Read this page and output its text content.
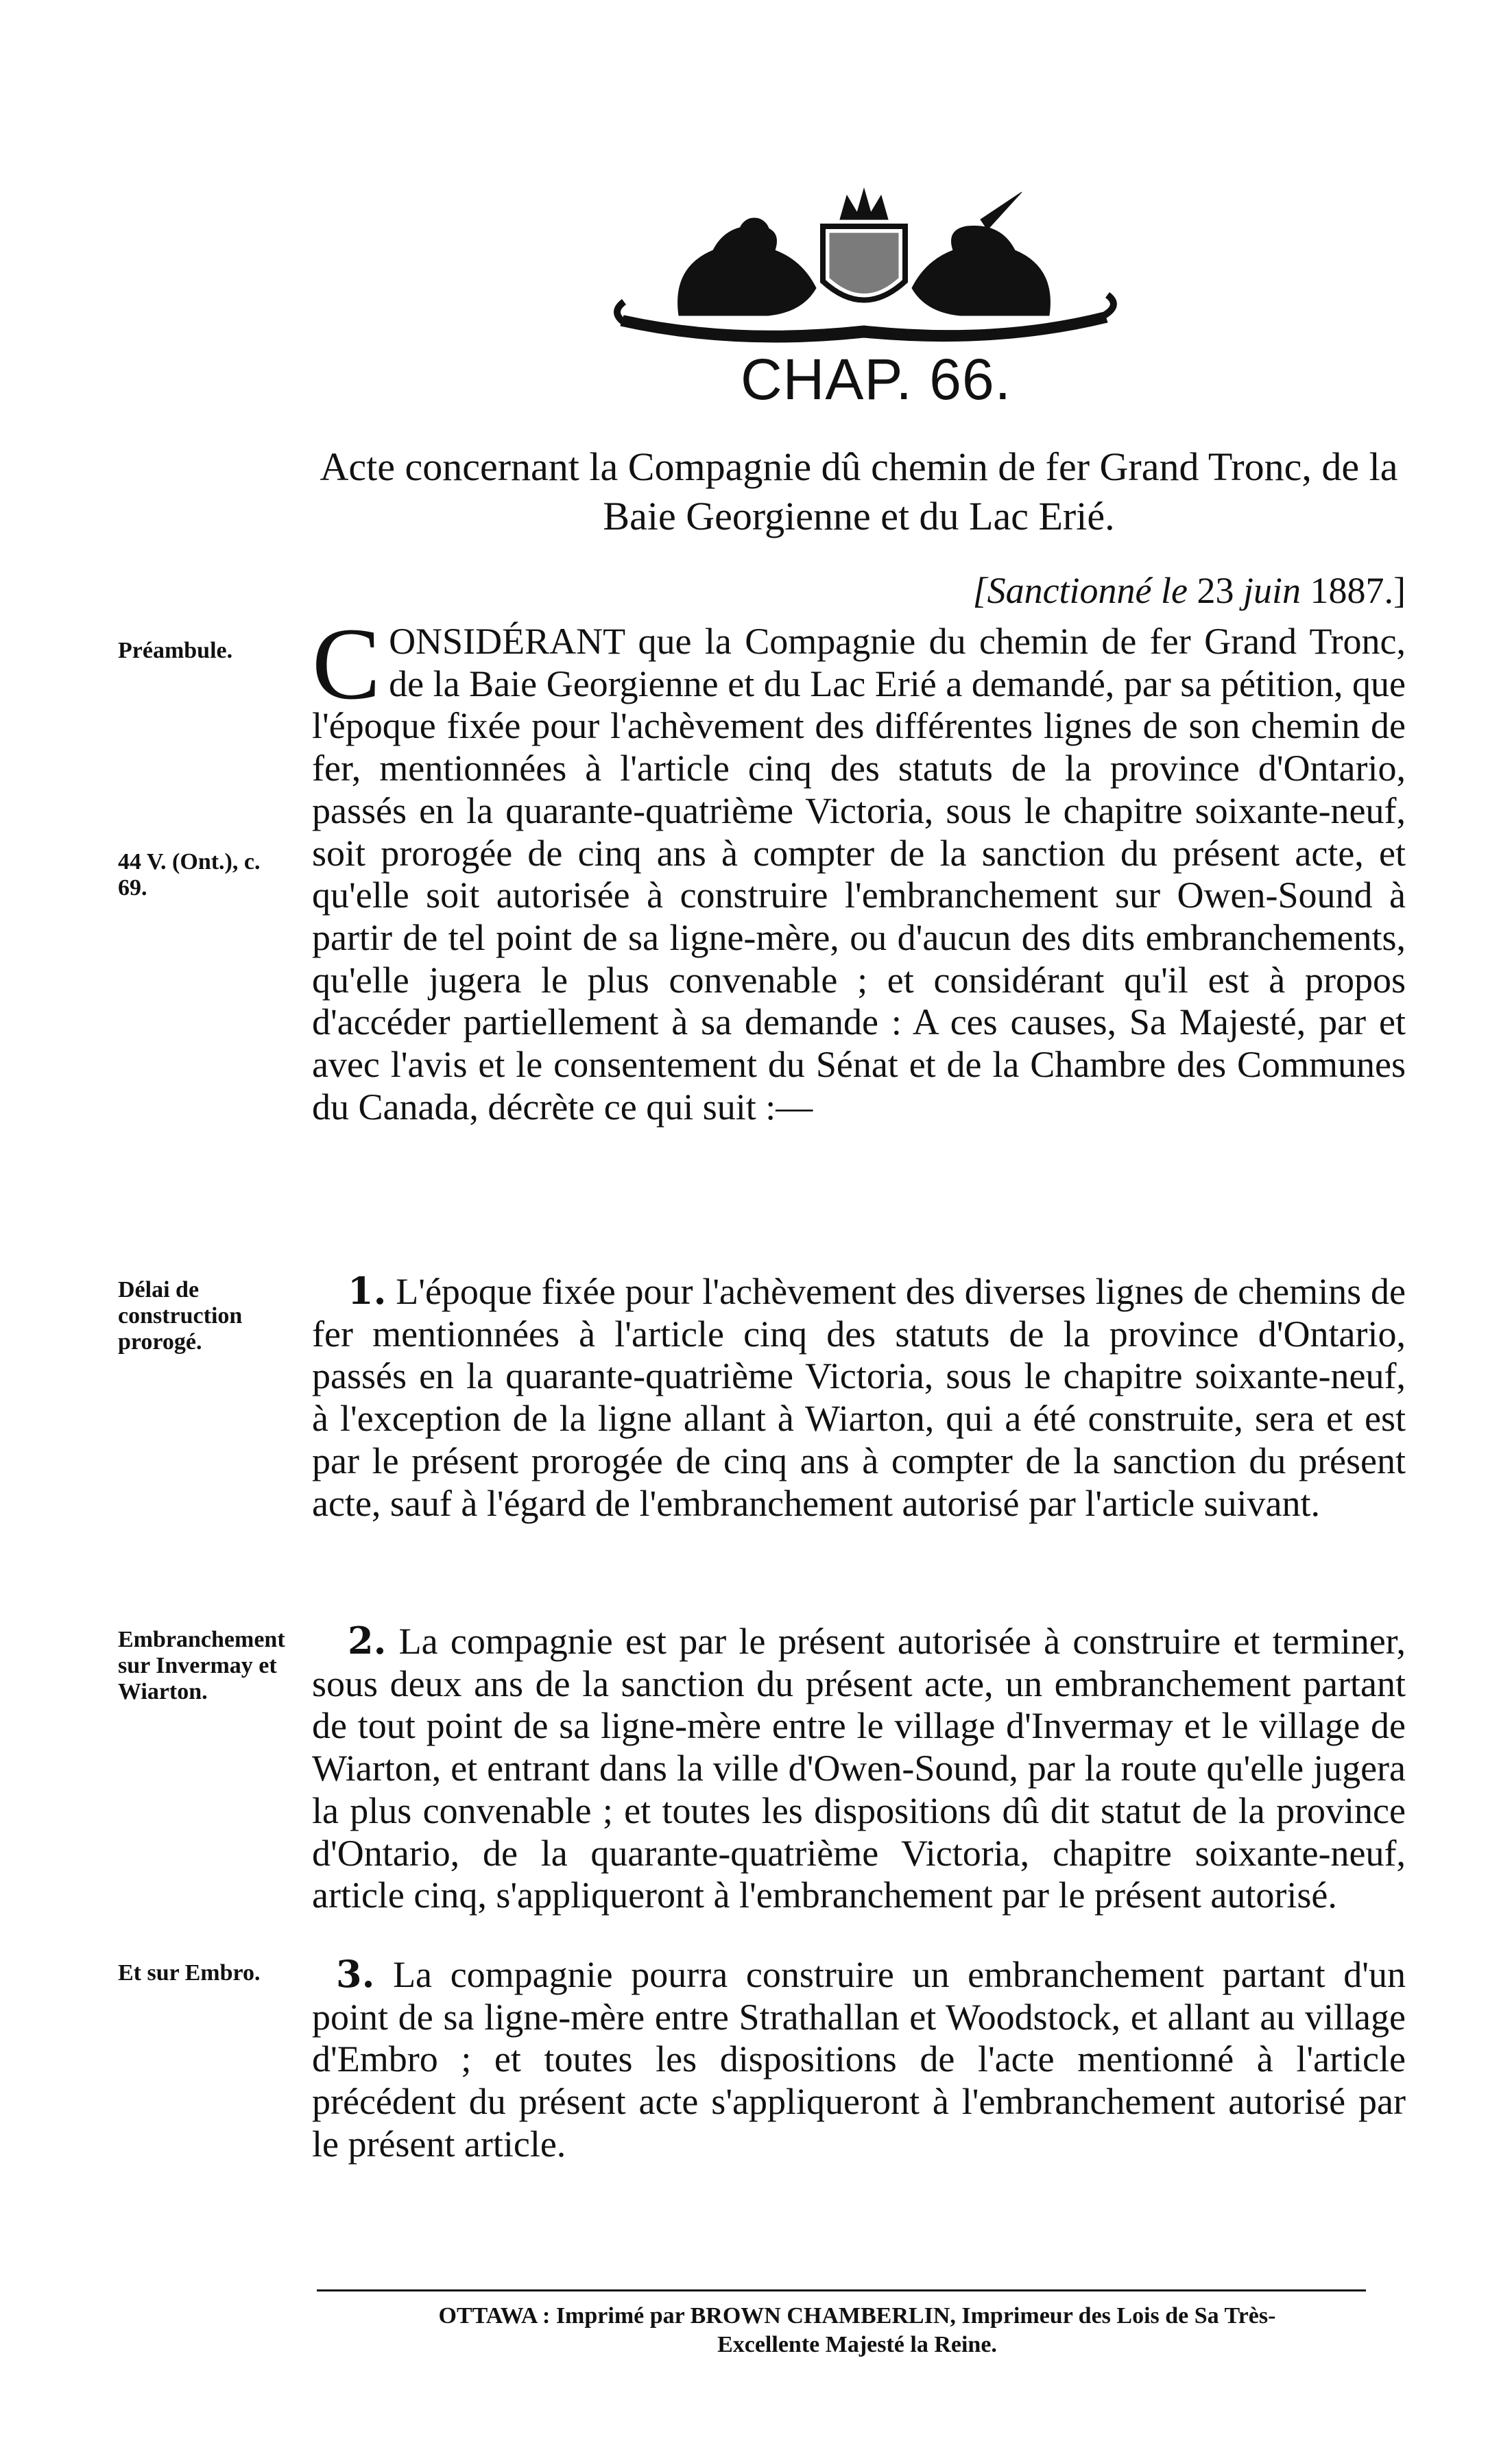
CHAP. 66.
Acte concernant la Compagnie dû chemin de fer Grand Tronc, de la Baie Georgienne et du Lac Erié.
[Sanctionné le 23 juin 1887.]
Préambule.
44 V. (Ont.), c. 69.
Délai de construction prorogé.
Embranchement sur Invermay et Wiarton.
Et sur Embro.
C ONSIDÉRANT que la Compagnie du chemin de fer Grand Tronc, de la Baie Georgienne et du Lac Erié a demandé, par sa pétition, que l'époque fixée pour l'achèvement des différentes lignes de son chemin de fer, mentionnées à l'article cinq des statuts de la province d'Ontario, passés en la quarante-quatrième Victoria, sous le chapitre soixante-neuf, soit prorogée de cinq ans à compter de la sanction du présent acte, et qu'elle soit autorisée à construire l'embranchement sur Owen-Sound à partir de tel point de sa ligne-mère, ou d'aucun des dits embranchements, qu'elle jugera le plus convenable ; et considérant qu'il est à propos d'accéder partiellement à sa demande : A ces causes, Sa Majesté, par et avec l'avis et le consentement du Sénat et de la Chambre des Communes du Canada, décrète ce qui suit :—
1. L'époque fixée pour l'achèvement des diverses lignes de chemins de fer mentionnées à l'article cinq des statuts de la province d'Ontario, passés en la quarante-quatrième Victoria, sous le chapitre soixante-neuf, à l'exception de la ligne allant à Wiarton, qui a été construite, sera et est par le présent prorogée de cinq ans à compter de la sanction du présent acte, sauf à l'égard de l'embranchement autorisé par l'article suivant.
2. La compagnie est par le présent autorisée à construire et terminer, sous deux ans de la sanction du présent acte, un embranchement partant de tout point de sa ligne-mère entre le village d'Invermay et le village de Wiarton, et entrant dans la ville d'Owen-Sound, par la route qu'elle jugera la plus convenable ; et toutes les dispositions dû dit statut de la province d'Ontario, de la quarante-quatrième Victoria, chapitre soixante-neuf, article cinq, s'appliqueront à l'embranchement par le présent autorisé.
3. La compagnie pourra construire un embranchement partant d'un point de sa ligne-mère entre Strathallan et Woodstock, et allant au village d'Embro ; et toutes les dispositions de l'acte mentionné à l'article précédent du présent acte s'appliqueront à l'embranchement autorisé par le présent article.
OTTAWA : Imprimé par BROWN CHAMBERLIN, Imprimeur des Lois de Sa Très-
Excellente Majesté la Reine.
